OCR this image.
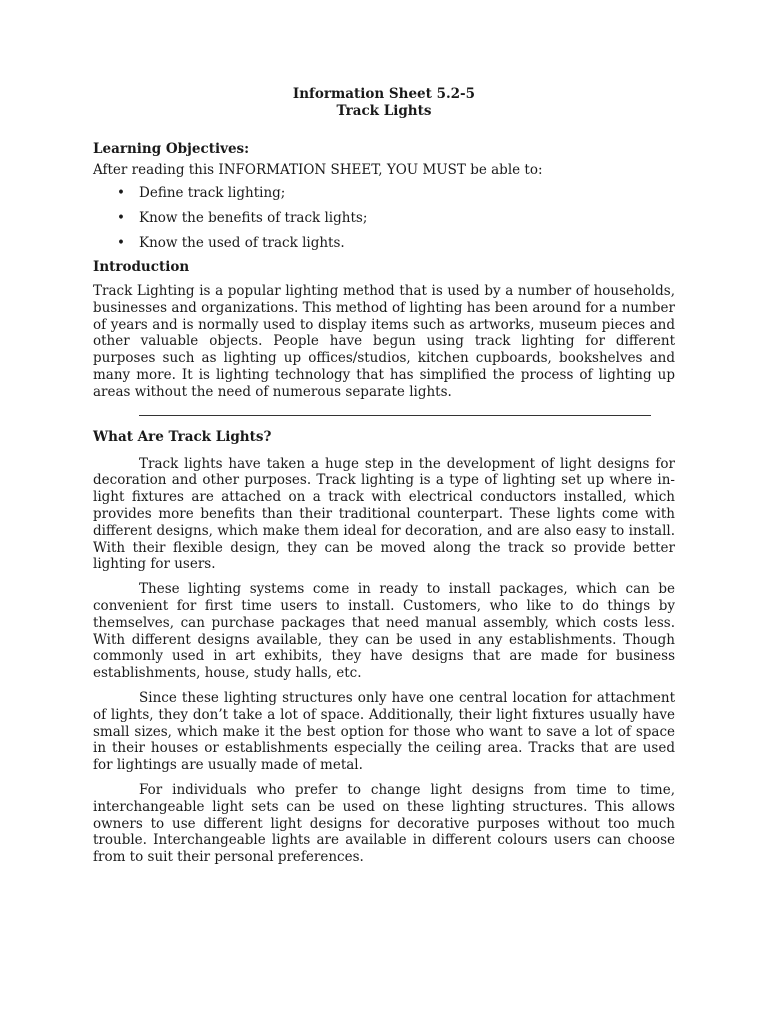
Information Sheet 5.2-5
Track Lights
Learning Objectives:
After reading this INFORMATION SHEET, YOU MUST be able to:
• Define track lighting;
• Know the benefits of track lights;
• Know the used of track lights.
Introduction

Track Lighting is a popular lighting method that is used by a number of households, businesses and organizations. This method of lighting has been around for a number of years and is normally used to display items such as artworks, museum pieces and other valuable objects. People have begun using track lighting for different purposes such as lighting up offices/studios, kitchen cupboards, bookshelves and many more. It is lighting technology that has simplified the process of lighting up areas without the need of numerous separate lights.

What Are Track Lights?

Track lights have taken a huge step in the development of light designs for decoration and other purposes. Track lighting is a type of lighting set up where in-light fixtures are attached on a track with electrical conductors installed, which provides more benefits than their traditional counterpart. These lights come with different designs, which make them ideal for decoration, and are also easy to install. With their flexible design, they can be moved along the track so provide better lighting for users.

These lighting systems come in ready to install packages, which can be convenient for first time users to install. Customers, who like to do things by themselves, can purchase packages that need manual assembly, which costs less. With different designs available, they can be used in any establishments. Though commonly used in art exhibits, they have designs that are made for business establishments, house, study halls, etc.

Since these lighting structures only have one central location for attachment of lights, they don’t take a lot of space. Additionally, their light fixtures usually have small sizes, which make it the best option for those who want to save a lot of space in their houses or establishments especially the ceiling area. Tracks that are used for lightings are usually made of metal.

For individuals who prefer to change light designs from time to time, interchangeable light sets can be used on these lighting structures. This allows owners to use different light designs for decorative purposes without too much trouble. Interchangeable lights are available in different colours users can choose from to suit their personal preferences.
